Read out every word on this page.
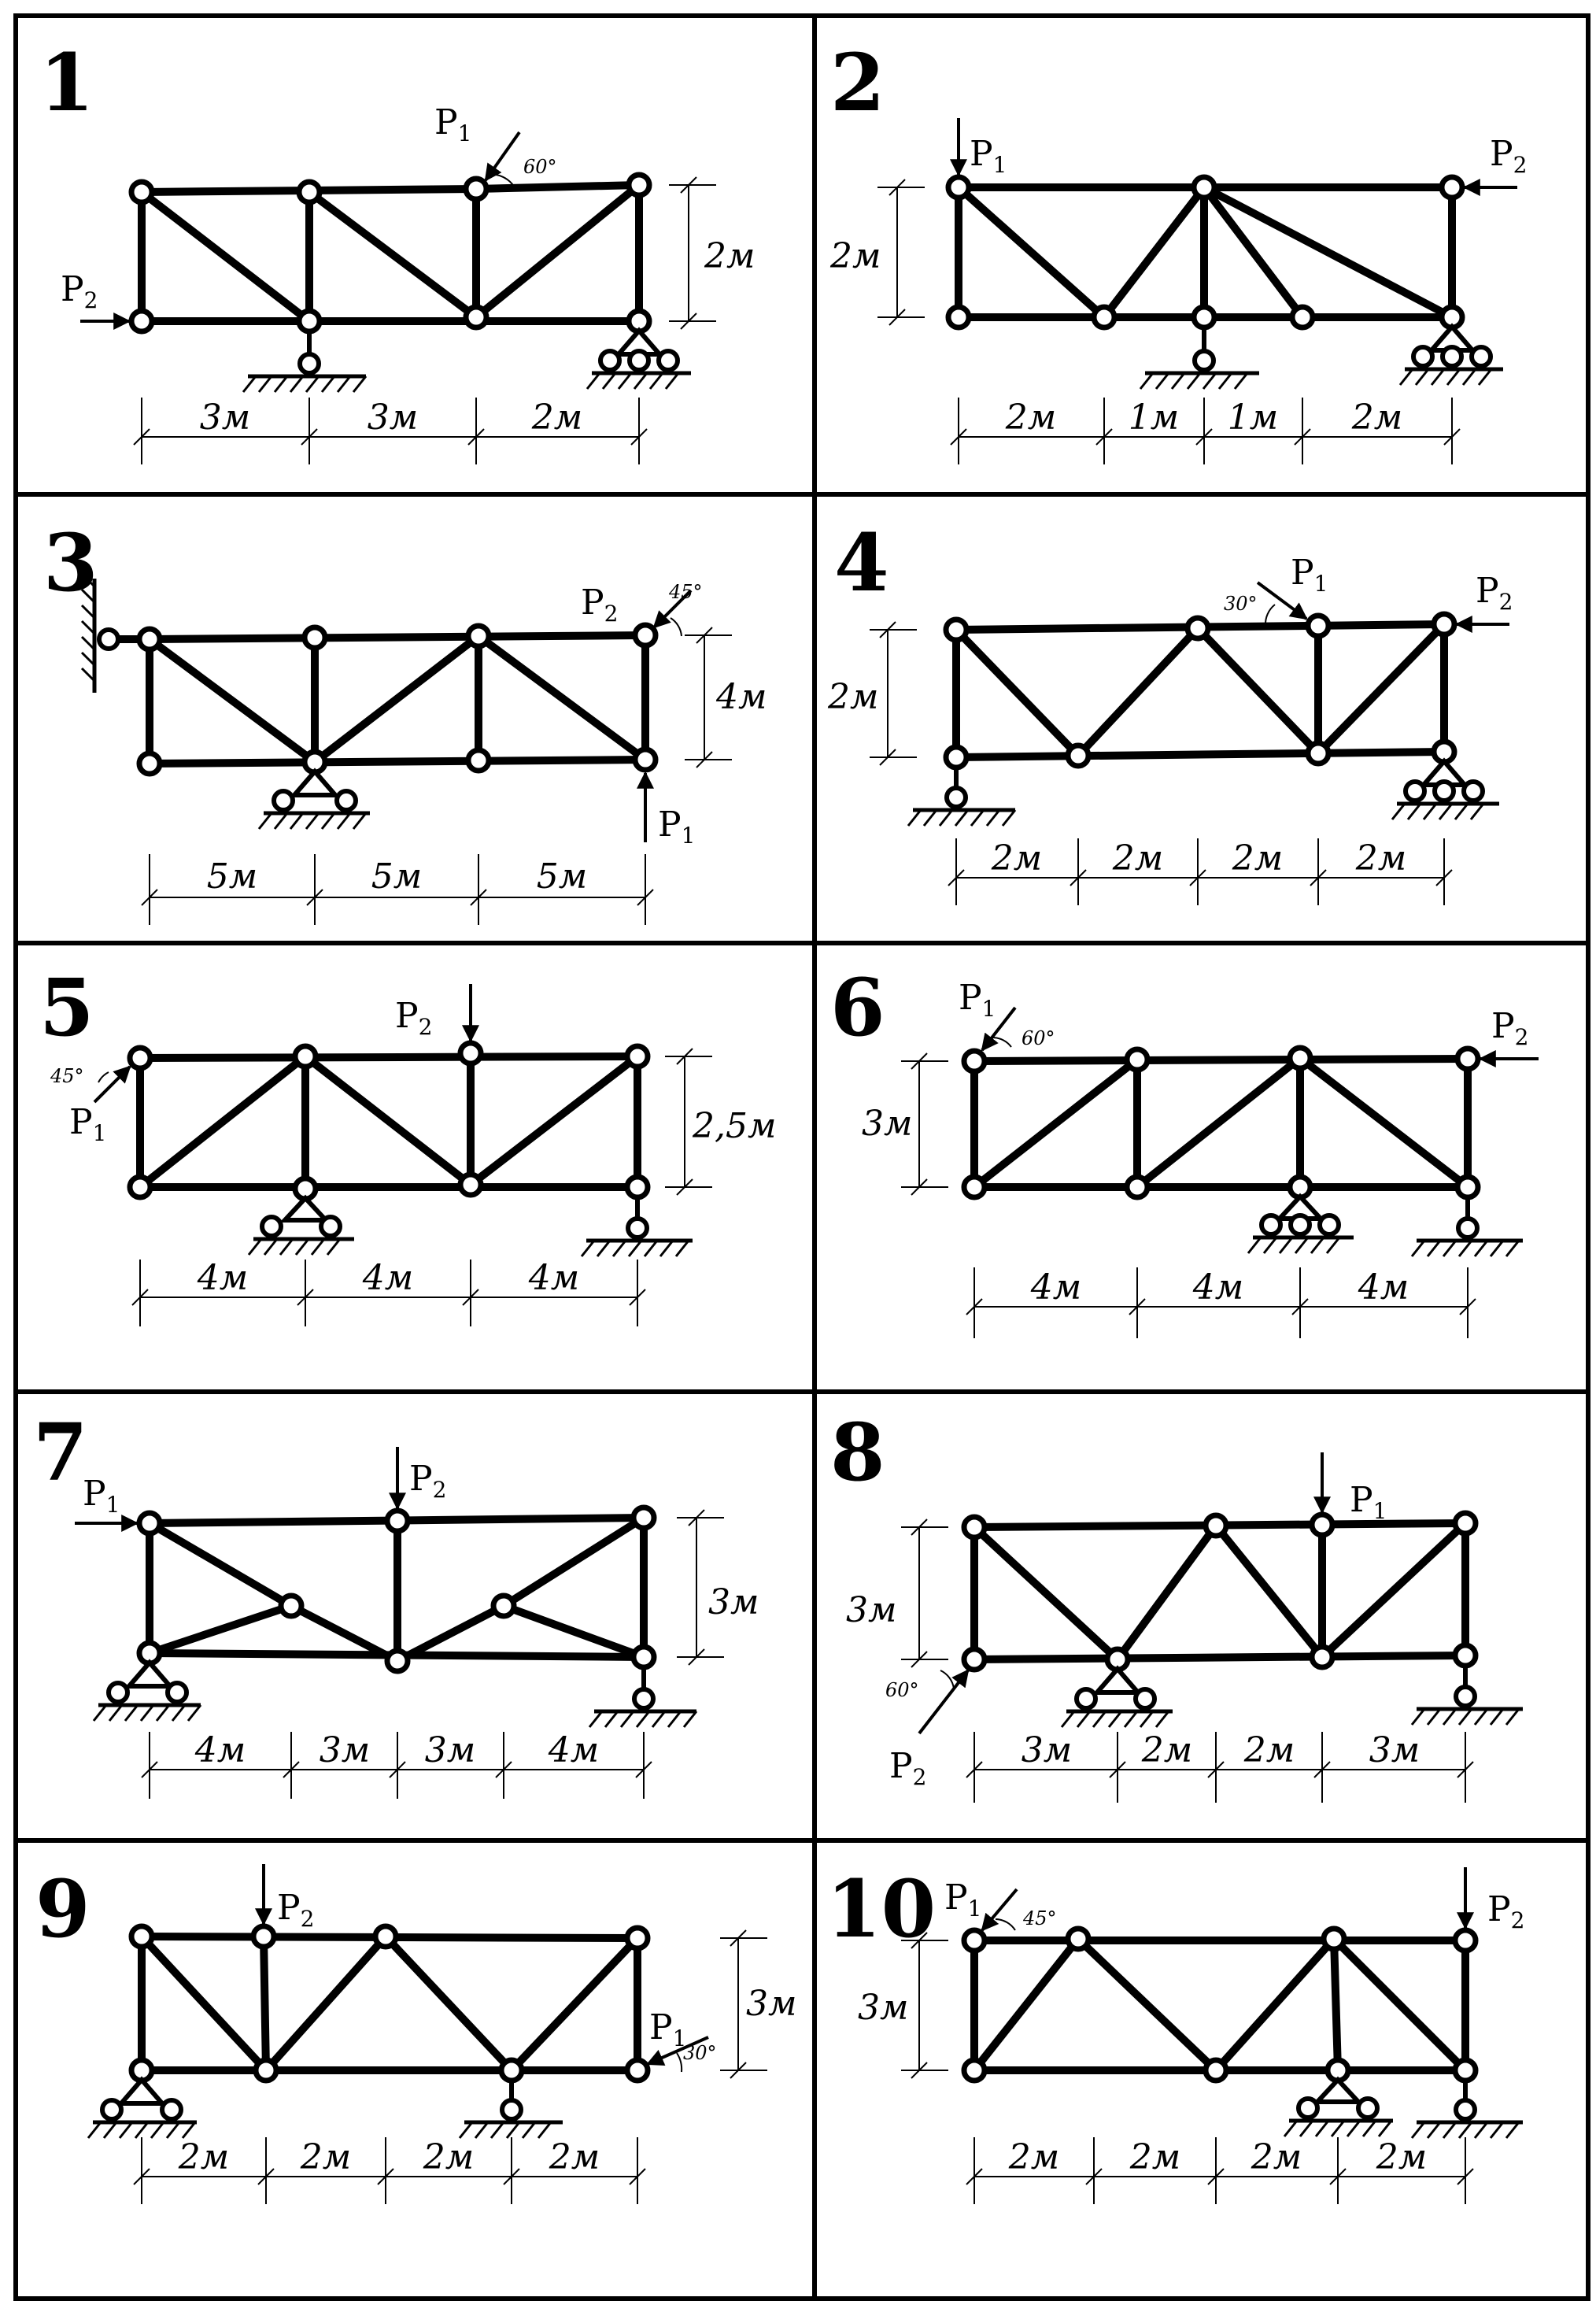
1	2
3	4
5	6
7	8
9	10
$P_1$
60°
$P_2$
3м	3м	2м
2м
$P_1$	$P_2$
2м 1м 1м 2м
2м
$P_2$
45°
$P_1$
5м	5м	5м
4м
$P_1$
30°	$P_2$
2м 2м 2м 2м
2м
$P_2$
$P_1$
45°
4м	4м	4м
2,5м
$P_1$
60°	$P_2$
4м	4м	4м
3м
$P_1$
$P_2$
4м 3м 3м 4м
3м
$P_1$
$P_2$
60°
3м 2м 2м 3м
3м
$P_2$
$P_1$
30°
2м 2м 2м 2м
3м
$P_1$ 45°	$P_2$
2м 2м 2м 2м
3м
